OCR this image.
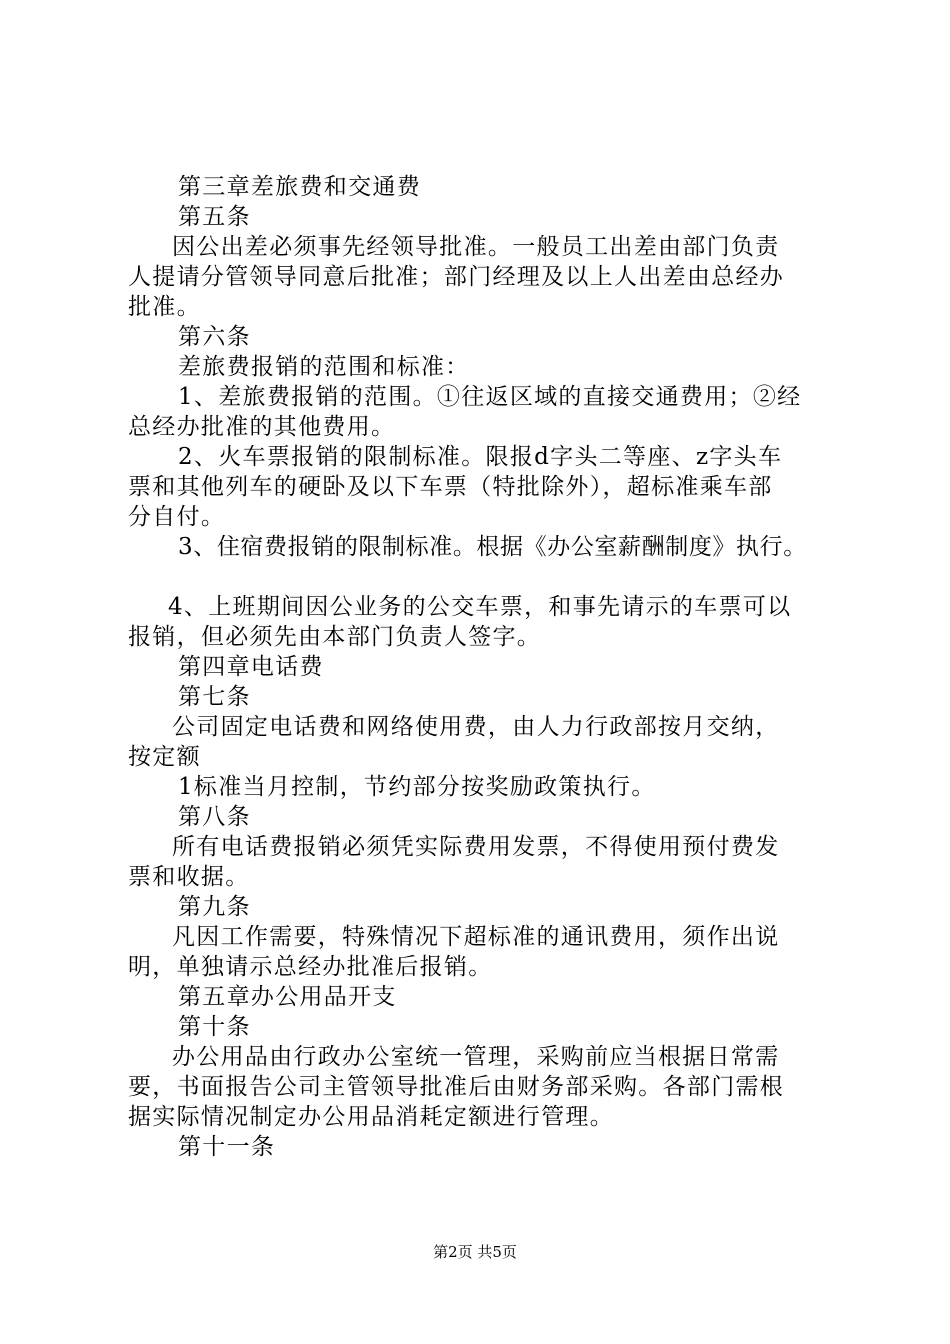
第三章差旅费和交通费
第五条
因公出差必须事先经领导批准。一般员工出差由部门负责
人提请分管领导同意后批准；部门经理及以上人出差由总经办
批准。
第六条
差旅费报销的范围和标准：
1、差旅费报销的范围。①往返区域的直接交通费用；②经
总经办批准的其他费用。
2、火车票报销的限制标准。限报d字头二等座、z字头车
票和其他列车的硬卧及以下车票（特批除外），超标准乘车部
分自付。
3、住宿费报销的限制标准。根据《办公室薪酬制度》执行。
4、上班期间因公业务的公交车票，和事先请示的车票可以
报销，但必须先由本部门负责人签字。
第四章电话费
第七条
公司固定电话费和网络使用费，由人力行政部按月交纳，
按定额
1标准当月控制，节约部分按奖励政策执行。
第八条
所有电话费报销必须凭实际费用发票，不得使用预付费发
票和收据。
第九条
凡因工作需要，特殊情况下超标准的通讯费用，须作出说
明，单独请示总经办批准后报销。
第五章办公用品开支
第十条
办公用品由行政办公室统一管理，采购前应当根据日常需
要，书面报告公司主管领导批准后由财务部采购。各部门需根
据实际情况制定办公用品消耗定额进行管理。
第十一条
第2页 共5页
